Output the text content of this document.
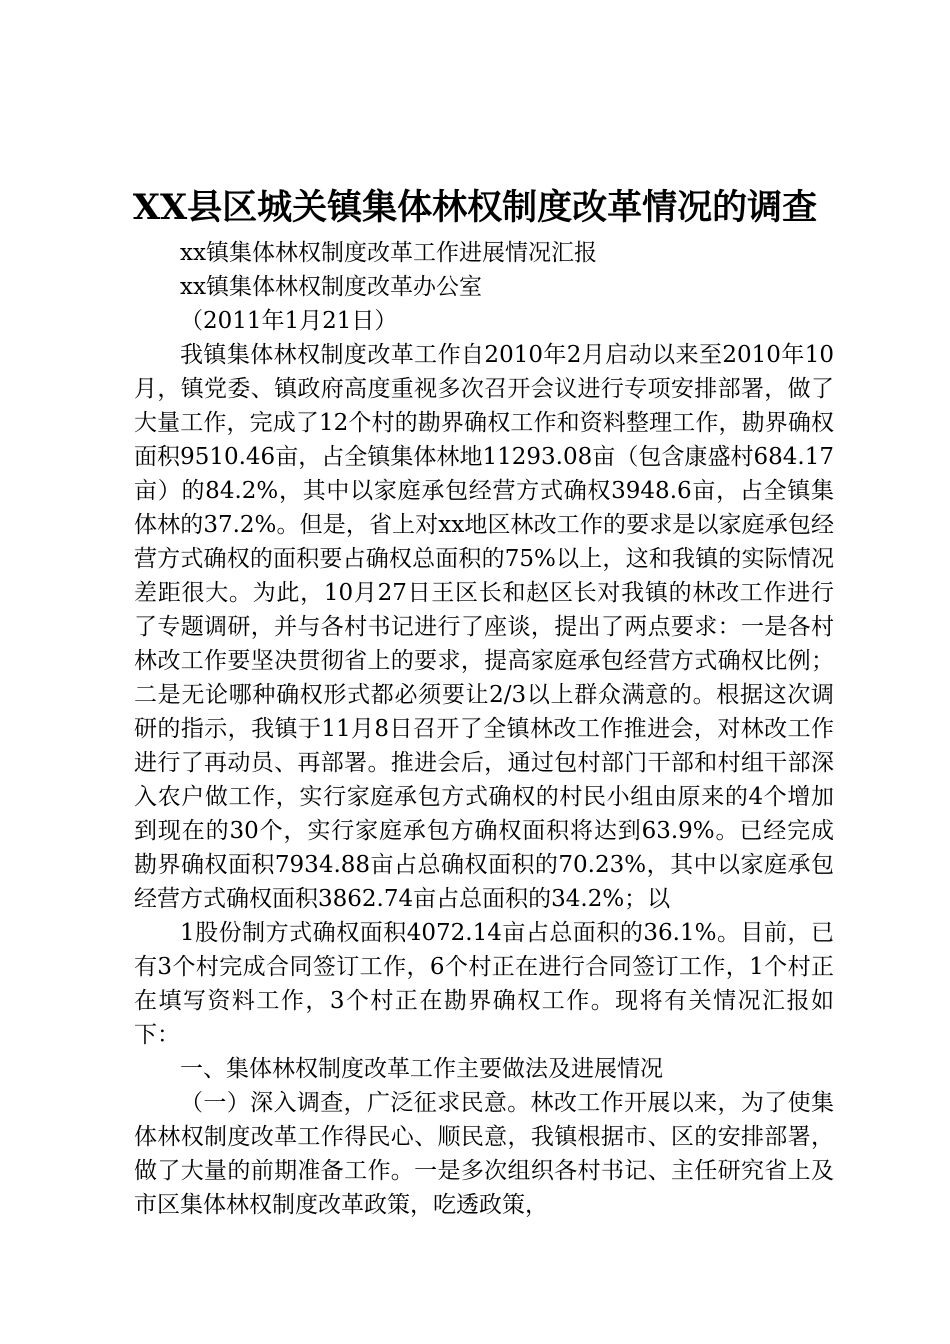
XX县区城关镇集体林权制度改革情况的调查

xx镇集体林权制度改革工作进展情况汇报

xx镇集体林权制度改革办公室

（2011年1月21日）

我镇集体林权制度改革工作自2010年2月启动以来至2010年10月，镇党委、镇政府高度重视多次召开会议进行专项安排部署，做了大量工作，完成了12个村的勘界确权工作和资料整理工作，勘界确权面积9510.46亩，占全镇集体林地11293.08亩（包含康盛村684.17亩）的84.2%，其中以家庭承包经营方式确权3948.6亩，占全镇集体林的37.2%。但是，省上对xx地区林改工作的要求是以家庭承包经营方式确权的面积要占确权总面积的75%以上，这和我镇的实际情况差距很大。为此，10月27日王区长和赵区长对我镇的林改工作进行了专题调研，并与各村书记进行了座谈，提出了两点要求：一是各村林改工作要坚决贯彻省上的要求，提高家庭承包经营方式确权比例；二是无论哪种确权形式都必须要让2/3以上群众满意的。根据这次调研的指示，我镇于11月8日召开了全镇林改工作推进会，对林改工作进行了再动员、再部署。推进会后，通过包村部门干部和村组干部深入农户做工作，实行家庭承包方式确权的村民小组由原来的4个增加到现在的30个，实行家庭承包方确权面积将达到63.9%。已经完成勘界确权面积7934.88亩占总确权面积的70.23%，其中以家庭承包经营方式确权面积3862.74亩占总面积的34.2%；以

1股份制方式确权面积4072.14亩占总面积的36.1%。目前，已有3个村完成合同签订工作，6个村正在进行合同签订工作，1个村正在填写资料工作，3个村正在勘界确权工作。现将有关情况汇报如下：

一、集体林权制度改革工作主要做法及进展情况

（一）深入调查，广泛征求民意。林改工作开展以来，为了使集体林权制度改革工作得民心、顺民意，我镇根据市、区的安排部署，做了大量的前期准备工作。一是多次组织各村书记、主任研究省上及市区集体林权制度改革政策，吃透政策，
